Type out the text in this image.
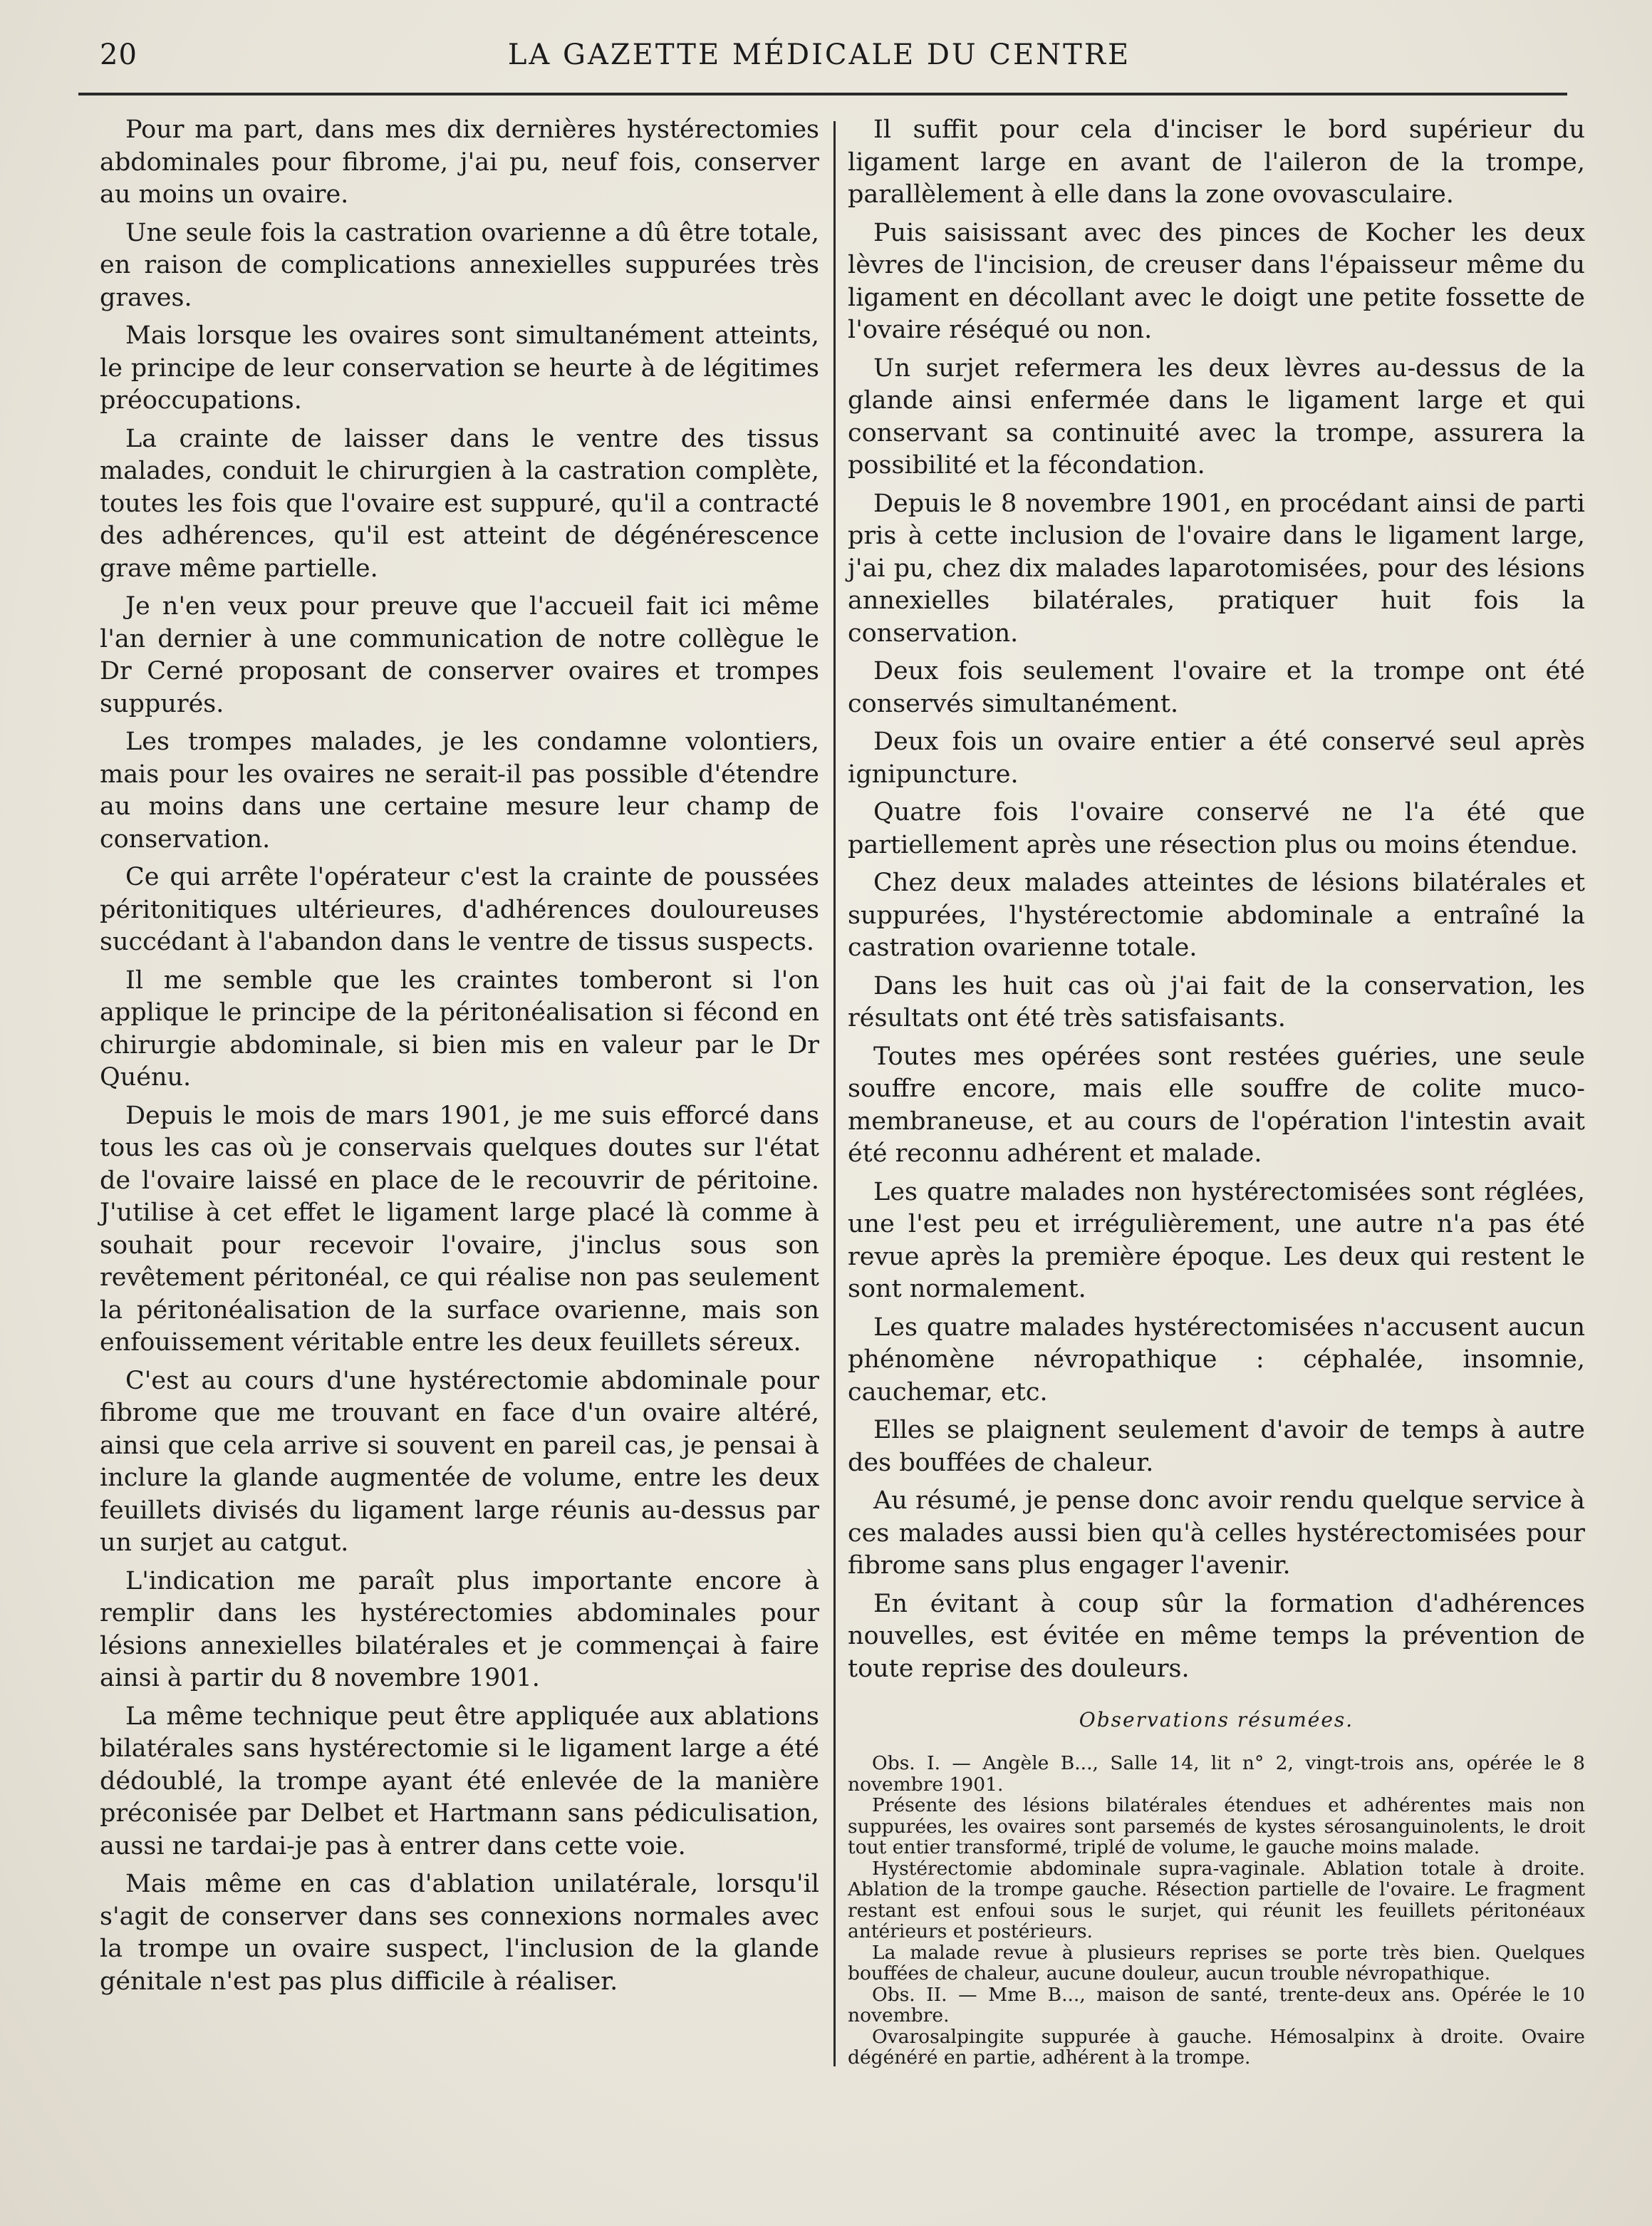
20	LA GAZETTE MÉDICALE DU CENTRE

Pour ma part, dans mes dix dernières hystérectomies abdominales pour fibrome, j'ai pu, neuf fois, conserver au moins un ovaire.

Une seule fois la castration ovarienne a dû être totale, en raison de complications annexielles suppurées très graves.

Mais lorsque les ovaires sont simultanément atteints, le principe de leur conservation se heurte à de légitimes préoccupations.

La crainte de laisser dans le ventre des tissus malades, conduit le chirurgien à la castration complète, toutes les fois que l'ovaire est suppuré, qu'il a contracté des adhérences, qu'il est atteint de dégénérescence grave même partielle.

Je n'en veux pour preuve que l'accueil fait ici même l'an dernier à une communication de notre collègue le Dr Cerné proposant de conserver ovaires et trompes suppurés.

Les trompes malades, je les condamne volontiers, mais pour les ovaires ne serait-il pas possible d'étendre au moins dans une certaine mesure leur champ de conservation.

Ce qui arrête l'opérateur c'est la crainte de poussées péritonitiques ultérieures, d'adhérences douloureuses succédant à l'abandon dans le ventre de tissus suspects.

Il me semble que les craintes tomberont si l'on applique le principe de la péritonéalisation si fécond en chirurgie abdominale, si bien mis en valeur par le Dr Quénu.

Depuis le mois de mars 1901, je me suis efforcé dans tous les cas où je conservais quelques doutes sur l'état de l'ovaire laissé en place de le recouvrir de péritoine. J'utilise à cet effet le ligament large placé là comme à souhait pour recevoir l'ovaire, j'inclus sous son revêtement péritonéal, ce qui réalise non pas seulement la péritonéalisation de la surface ovarienne, mais son enfouissement véritable entre les deux feuillets séreux.

C'est au cours d'une hystérectomie abdominale pour fibrome que me trouvant en face d'un ovaire altéré, ainsi que cela arrive si souvent en pareil cas, je pensai à inclure la glande augmentée de volume, entre les deux feuillets divisés du ligament large réunis au-dessus par un surjet au catgut.

L'indication me paraît plus importante encore à remplir dans les hystérectomies abdominales pour lésions annexielles bilatérales et je commençai à faire ainsi à partir du 8 novembre 1901.

La même technique peut être appliquée aux ablations bilatérales sans hystérectomie si le ligament large a été dédoublé, la trompe ayant été enlevée de la manière préconisée par Delbet et Hartmann sans pédiculisation, aussi ne tardai-je pas à entrer dans cette voie.

Mais même en cas d'ablation unilatérale, lorsqu'il s'agit de conserver dans ses connexions normales avec la trompe un ovaire suspect, l'inclusion de la glande génitale n'est pas plus difficile à réaliser.

Il suffit pour cela d'inciser le bord supérieur du ligament large en avant de l'aileron de la trompe, parallèlement à elle dans la zone ovovasculaire.

Puis saisissant avec des pinces de Kocher les deux lèvres de l'incision, de creuser dans l'épaisseur même du ligament en décollant avec le doigt une petite fossette de l'ovaire réséqué ou non.

Un surjet refermera les deux lèvres au-dessus de la glande ainsi enfermée dans le ligament large et qui conservant sa continuité avec la trompe, assurera la possibilité et la fécondation.

Depuis le 8 novembre 1901, en procédant ainsi de parti pris à cette inclusion de l'ovaire dans le ligament large, j'ai pu, chez dix malades laparotomisées, pour des lésions annexielles bilatérales, pratiquer huit fois la conservation.

Deux fois seulement l'ovaire et la trompe ont été conservés simultanément.

Deux fois un ovaire entier a été conservé seul après ignipuncture.

Quatre fois l'ovaire conservé ne l'a été que partiellement après une résection plus ou moins étendue.

Chez deux malades atteintes de lésions bilatérales et suppurées, l'hystérectomie abdominale a entraîné la castration ovarienne totale.

Dans les huit cas où j'ai fait de la conservation, les résultats ont été très satisfaisants.

Toutes mes opérées sont restées guéries, une seule souffre encore, mais elle souffre de colite muco-membraneuse, et au cours de l'opération l'intestin avait été reconnu adhérent et malade.

Les quatre malades non hystérectomisées sont réglées, une l'est peu et irrégulièrement, une autre n'a pas été revue après la première époque. Les deux qui restent le sont normalement.

Les quatre malades hystérectomisées n'accusent aucun phénomène névropathique : céphalée, insomnie, cauchemar, etc.

Elles se plaignent seulement d'avoir de temps à autre des bouffées de chaleur.

Au résumé, je pense donc avoir rendu quelque service à ces malades aussi bien qu'à celles hystérectomisées pour fibrome sans plus engager l'avenir.

En évitant à coup sûr la formation d'adhérences nouvelles, est évitée en même temps la prévention de toute reprise des douleurs.

Observations résumées.

Obs. I. — Angèle B..., Salle 14, lit n° 2, vingt-trois ans, opérée le 8 novembre 1901.

Présente des lésions bilatérales étendues et adhérentes mais non suppurées, les ovaires sont parsemés de kystes sérosanguinolents, le droit tout entier transformé, triplé de volume, le gauche moins malade.

Hystérectomie abdominale supra-vaginale. Ablation totale à droite. Ablation de la trompe gauche. Résection partielle de l'ovaire. Le fragment restant est enfoui sous le surjet, qui réunit les feuillets péritonéaux antérieurs et postérieurs.

La malade revue à plusieurs reprises se porte très bien. Quelques bouffées de chaleur, aucune douleur, aucun trouble névropathique.

Obs. II. — Mme B..., maison de santé, trente-deux ans. Opérée le 10 novembre.

Ovarosalpingite suppurée à gauche. Hémosalpinx à droite. Ovaire dégénéré en partie, adhérent à la trompe.
